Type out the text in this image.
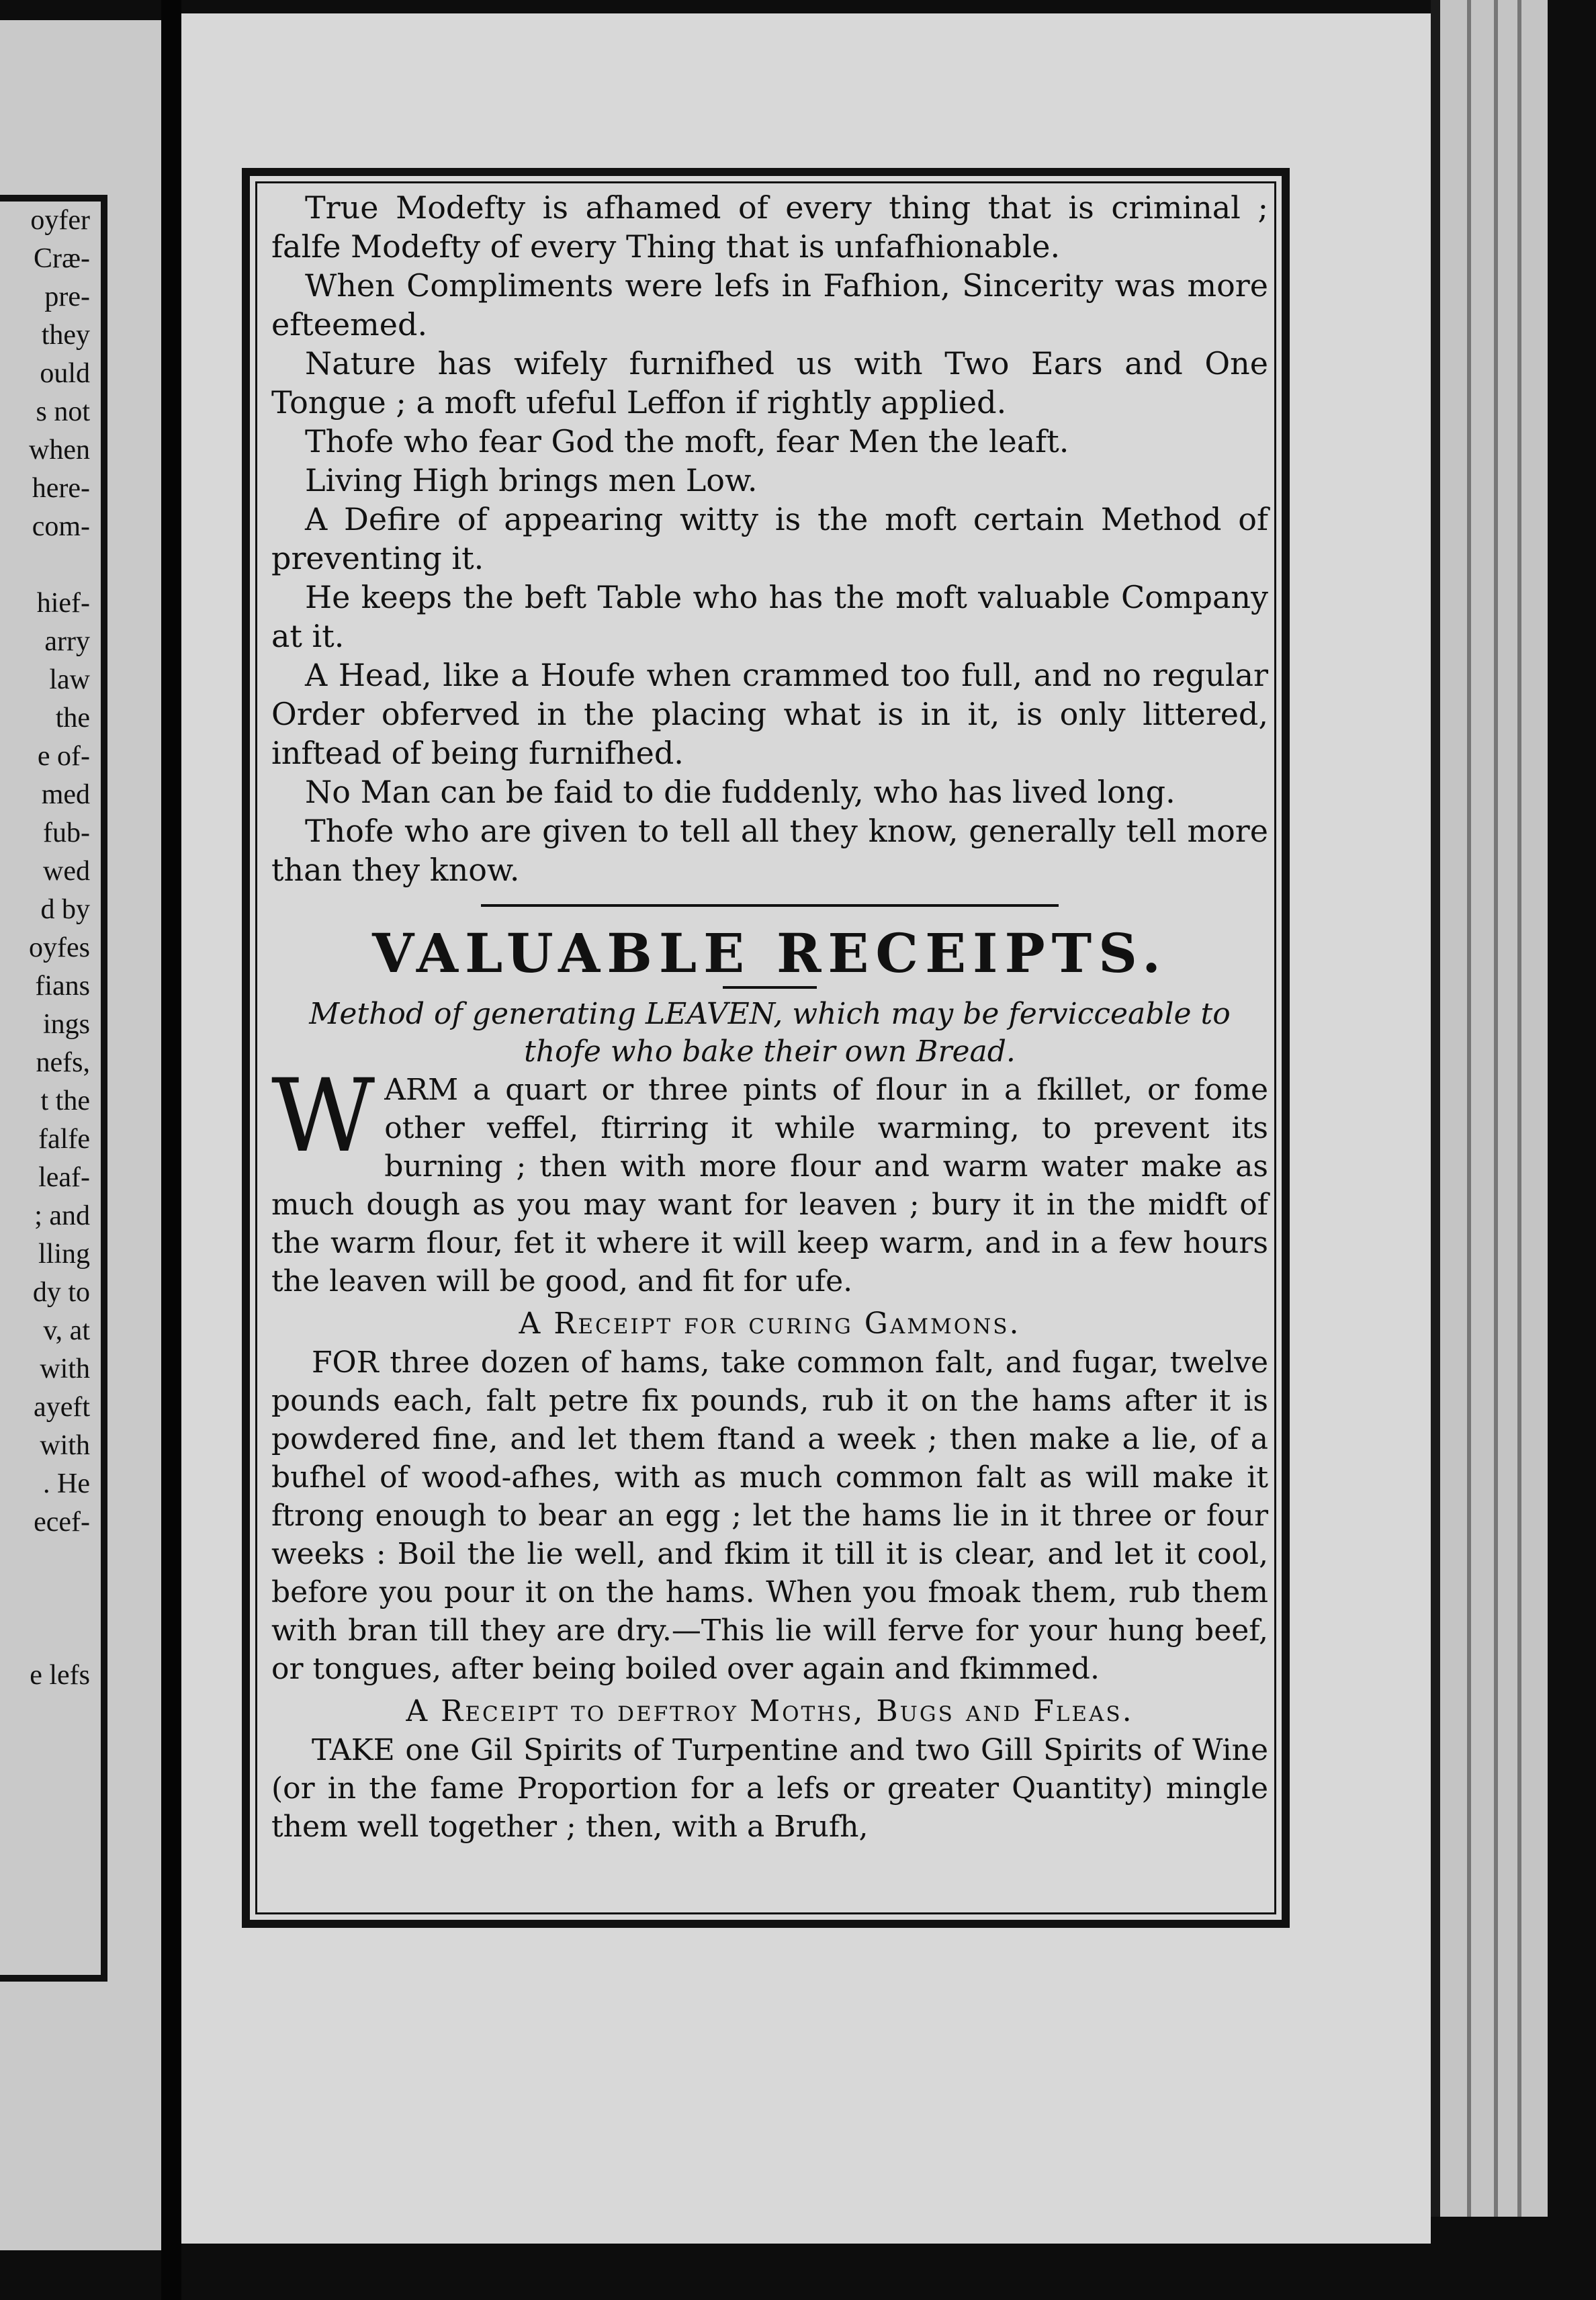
oyfer
Cræ-
pre-
they
ould
s not
when
here-
com-

hief-
arry
law
the
e of-
med
fub-
wed
d by
oyfes
fians
ings
nefs,
t the
falfe
leaf-
; and
lling
dy to
v, at
with
ayeft
with
. He
ecef-

e lefs

True Modefty is afhamed of every thing that is criminal ; falfe Modefty of every Thing that is unfafhionable.

When Compliments were lefs in Fafhion, Sincerity was more efteemed.

Nature has wifely furnifhed us with Two Ears and One Tongue ; a moft ufeful Leffon if rightly applied.

Thofe who fear God the moft, fear Men the leaft.

Living High brings men Low.

A Defire of appearing witty is the moft certain Method of preventing it.

He keeps the beft Table who has the moft valuable Company at it.

A Head, like a Houfe when crammed too full, and no regular Order obferved in the placing what is in it, is only littered, inftead of being furnifhed.

No Man can be faid to die fuddenly, who has lived long.

Thofe who are given to tell all they know, generally tell more than they know.

VALUABLE RECEIPTS.

Method of generating LEAVEN, which may be fervicceable to thofe who bake their own Bread.

W ARM a quart or three pints of flour in a fkillet, or fome other veffel, ftirring it while warming, to prevent its burning ; then with more flour and warm water make as much dough as you may want for leaven ; bury it in the midft of the warm flour, fet it where it will keep warm, and in a few hours the leaven will be good, and fit for ufe.

A Receipt for curing Gammons.

FOR three dozen of hams, take common falt, and fugar, twelve pounds each, falt petre fix pounds, rub it on the hams after it is powdered fine, and let them ftand a week ; then make a lie, of a bufhel of wood-afhes, with as much common falt as will make it ftrong enough to bear an egg ; let the hams lie in it three or four weeks : Boil the lie well, and fkim it till it is clear, and let it cool, before you pour it on the hams. When you fmoak them, rub them with bran till they are dry.—This lie will ferve for your hung beef, or tongues, after being boiled over again and fkimmed.

A Receipt to deftroy Moths, Bugs and Fleas.

TAKE one Gil Spirits of Turpentine and two Gill Spirits of Wine (or in the fame Proportion for a lefs or greater Quantity) mingle them well together ; then, with a Brufh,
